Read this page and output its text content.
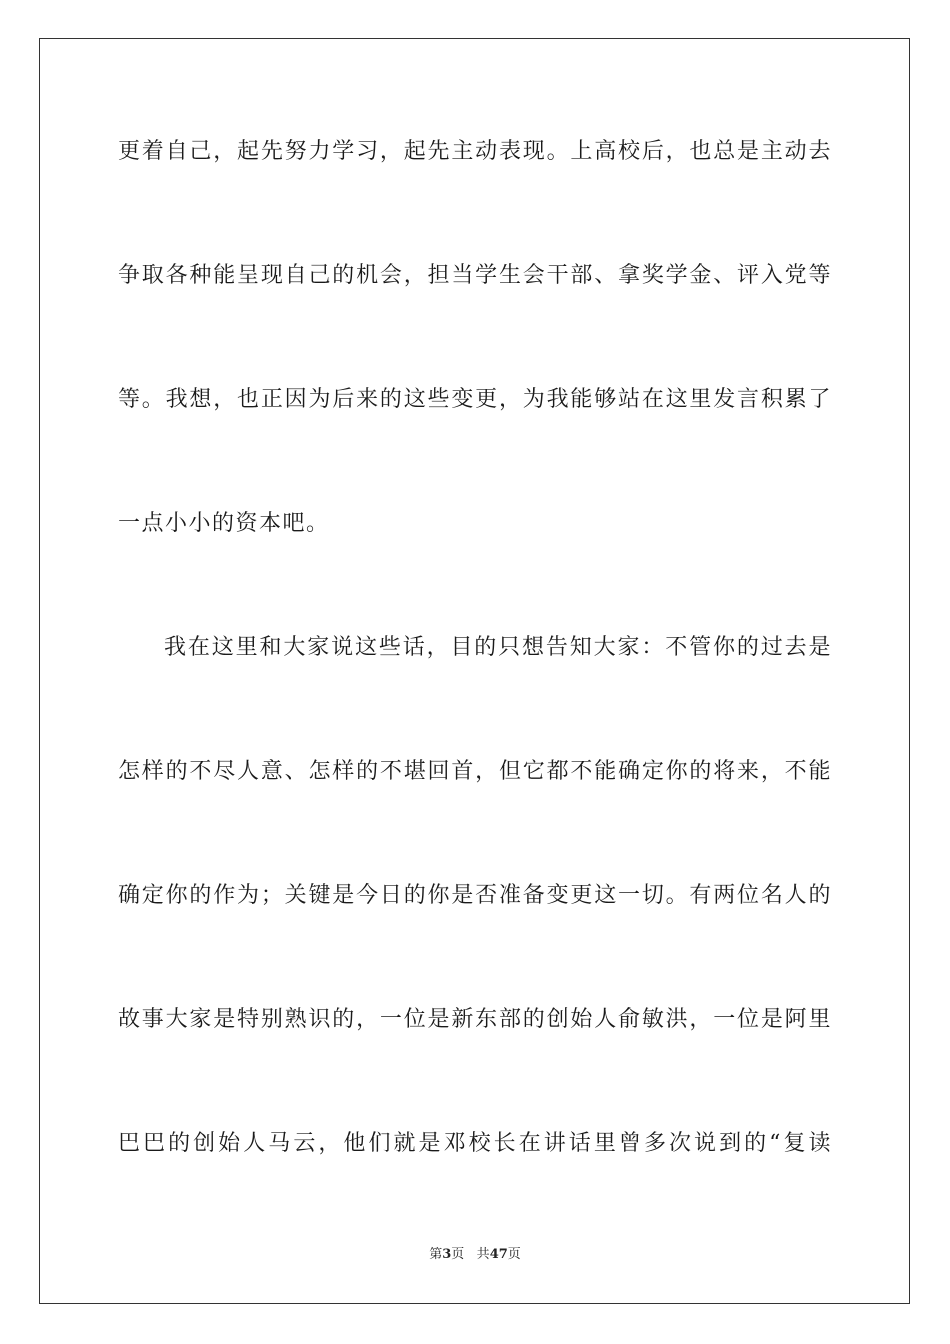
更着自己，起先努力学习，起先主动表现。上高校后，也总是主动去
争取各种能呈现自己的机会，担当学生会干部、拿奖学金、评入党等
等。我想，也正因为后来的这些变更，为我能够站在这里发言积累了
一点小小的资本吧。
我在这里和大家说这些话，目的只想告知大家：不管你的过去是
怎样的不尽人意、怎样的不堪回首，但它都不能确定你的将来，不能
确定你的作为；关键是今日的你是否准备变更这一切。有两位名人的
故事大家是特别熟识的，一位是新东部的创始人俞敏洪，一位是阿里
巴巴的创始人马云，他们就是邓校长在讲话里曾多次说到的“复读
第3页 共47页
